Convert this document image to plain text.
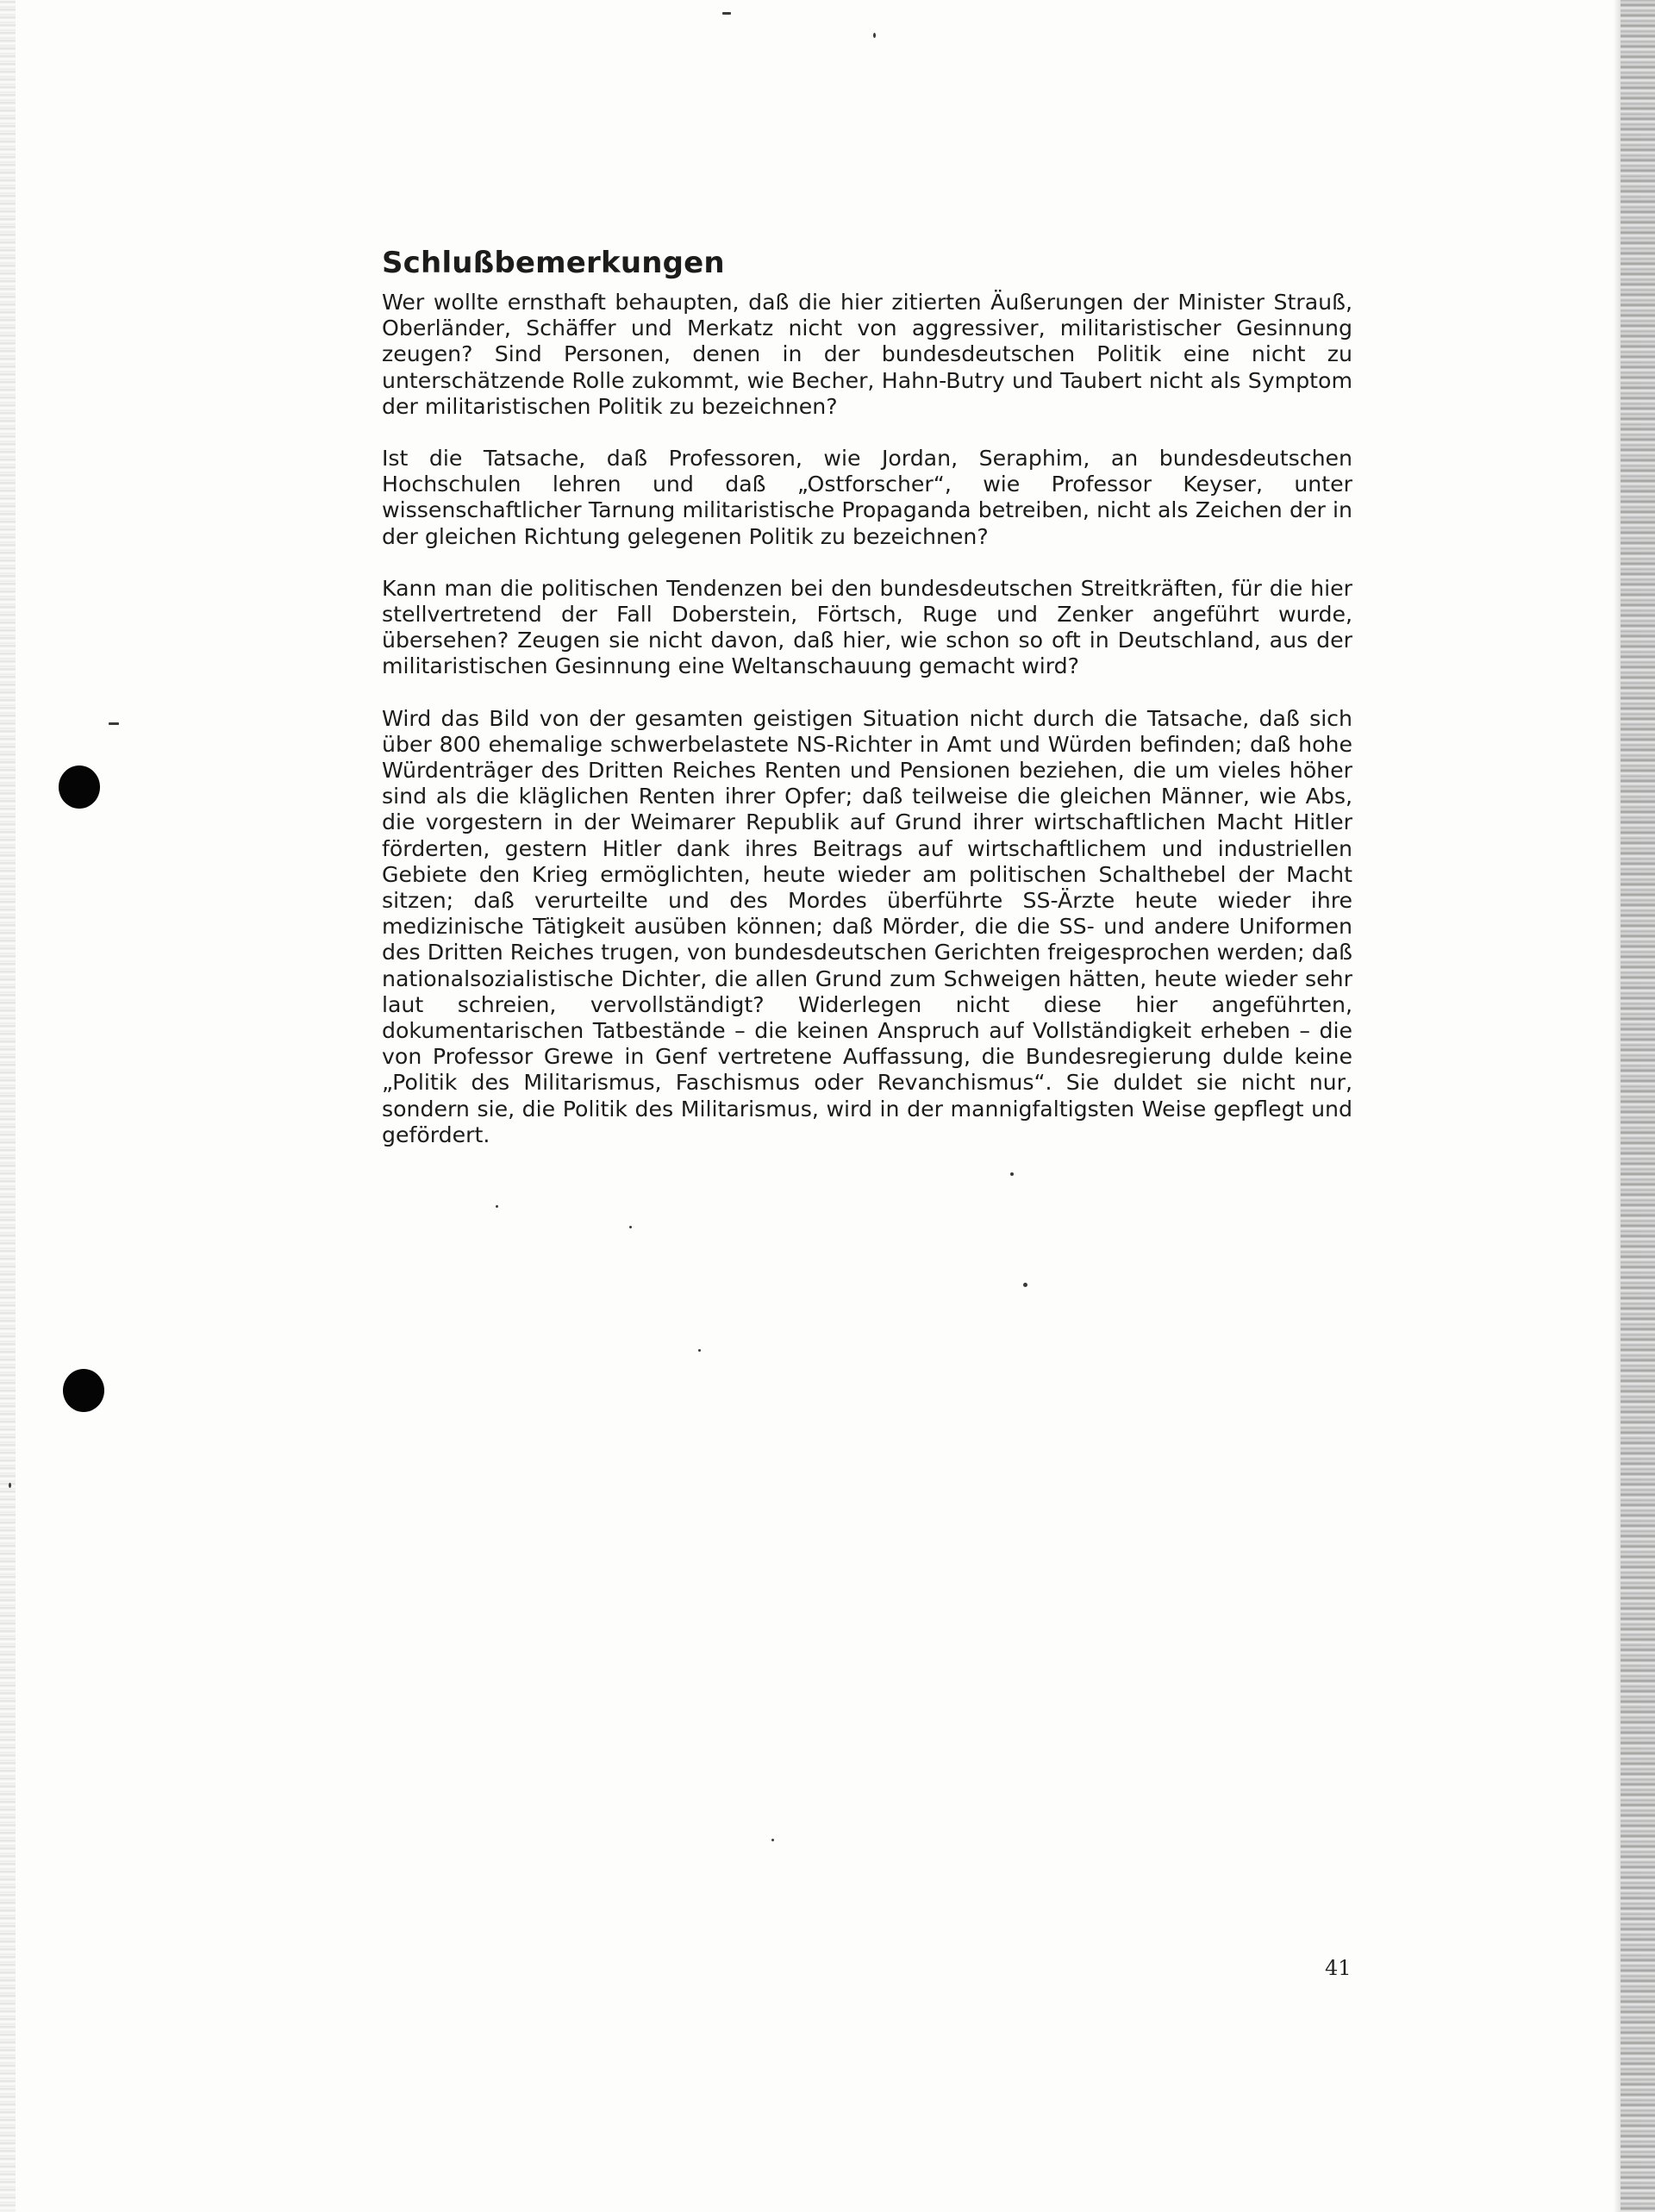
Schlußbemerkungen

Wer wollte ernsthaft behaupten, daß die hier zitierten Äußerungen der Minister Strauß, Oberländer, Schäffer und Merkatz nicht von aggressiver, militaristischer Gesinnung zeugen? Sind Personen, denen in der bundesdeutschen Politik eine nicht zu unterschätzende Rolle zukommt, wie Becher, Hahn-Butry und Taubert nicht als Symptom der militaristischen Politik zu bezeichnen?

Ist die Tatsache, daß Professoren, wie Jordan, Seraphim, an bundesdeutschen Hochschulen lehren und daß „Ostforscher“, wie Professor Keyser, unter wissenschaftlicher Tarnung militaristische Propaganda betreiben, nicht als Zeichen der in der gleichen Richtung gelegenen Politik zu bezeichnen?

Kann man die politischen Tendenzen bei den bundesdeutschen Streitkräften, für die hier stellvertretend der Fall Doberstein, Förtsch, Ruge und Zenker angeführt wurde, übersehen? Zeugen sie nicht davon, daß hier, wie schon so oft in Deutschland, aus der militaristischen Gesinnung eine Weltanschauung gemacht wird?

Wird das Bild von der gesamten geistigen Situation nicht durch die Tatsache, daß sich über 800 ehemalige schwerbelastete NS-Richter in Amt und Würden befinden; daß hohe Würdenträger des Dritten Reiches Renten und Pensionen beziehen, die um vieles höher sind als die kläglichen Renten ihrer Opfer; daß teilweise die gleichen Männer, wie Abs, die vorgestern in der Weimarer Republik auf Grund ihrer wirtschaftlichen Macht Hitler förderten, gestern Hitler dank ihres Beitrags auf wirtschaftlichem und industriellen Gebiete den Krieg ermöglichten, heute wieder am politischen Schalthebel der Macht sitzen; daß verurteilte und des Mordes überführte SS-Ärzte heute wieder ihre medizinische Tätigkeit ausüben können; daß Mörder, die die SS- und andere Uniformen des Dritten Reiches trugen, von bundesdeutschen Gerichten freigesprochen werden; daß nationalsozialistische Dichter, die allen Grund zum Schweigen hätten, heute wieder sehr laut schreien, vervollständigt? Widerlegen nicht diese hier angeführten, dokumentarischen Tatbestände – die keinen Anspruch auf Vollständigkeit erheben – die von Professor Grewe in Genf vertretene Auffassung, die Bundesregierung dulde keine „Politik des Militarismus, Faschismus oder Revanchismus“. Sie duldet sie nicht nur, sondern sie, die Politik des Militarismus, wird in der mannigfaltigsten Weise gepflegt und gefördert.

41
